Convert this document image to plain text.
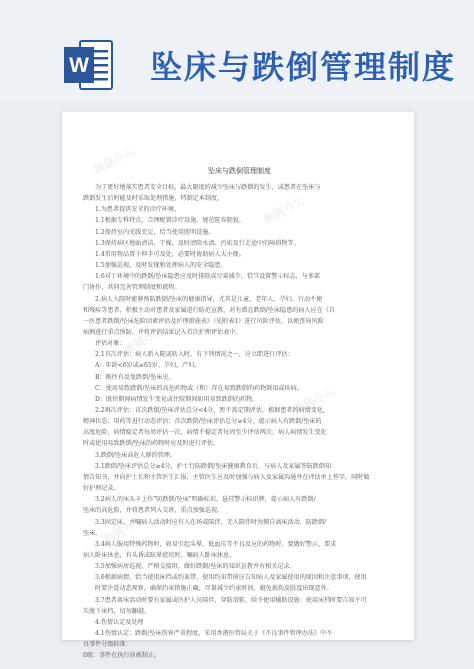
W 坠床与跌倒管理制度
坠床与跌倒管理制度
为了更好地落实患者安全目标，最大限度的减少坠床与跌倒的发生，或患者在坠床与
跌倒发生后时能及时采取处理措施，特制定本制度。
1.为患者提供安全的诊疗环境。
1.1根据专科特点，合理配置诊疗设施，规范院容院貌。
1.2保持室内光线充足，恰当使用照明设施。
1.3保持病区地面清洁、干燥，及时清除水渍、污垢及行走途中的障碍物等。
1.4常用物品置于伸手可及处，必要时协助病人大小便。
1.5加强巡视，及时发现和处理病人的安全隐患。
1.6对于环境中的跌倒/坠床隐患应及时排除或尽量减少，恰当设置警示标志，与多部
门协作，共同完善管理制度和流程。
2.病人入院时能够预防跌倒/坠床的健康指导，尤其是儿童、老年人、孕妇、行动不便
和残疾等患者，积极主动对患者及家属进行防范宣教，对有潜在跌倒/坠床隐患的病人应在《自
一医患者跌倒/坠床危险因素评估及护理措施表》（见附表1）进行风险评估，以便查询风险
病例进行重点预防，并将评估结果记入首次护理评估表中。
评估对象：
2.1首次评估：病人新入院或转入时，有下列情况之一，应立即进行评估：
A：年龄<6岁或≥65岁、孕妇、产妇。
B：既往有反复跌倒/坠床史。
C：使用易致跌倒/坠床的高危药物或（和）存在易致跌倒的药物联用或疾病。
D：既往期间病情发生变化或住院期间如用易致跌倒的药物。
2.2再次评估：首次跌倒/坠床评估总分<4分，暂不需定期评估，根据患者的病情变化、
精神状态、用药等进行动态评估；首次跌倒/坠床评估总分≥4分，提示病人有跌倒/坠床的
高度危险，病情稳定者每周评估一次，病情不稳定者每周至少评估两次；病人病情发生变化
时或使用易致跌倒/坠床的药物时应及时进行评估。
3.跌倒/坠床高危人群的管理。
3.1跌倒/坠床评估总分≥4分，护士行防跌倒/坠床健康教育后，与病人及家属签防跌倒知
情告知书，并向护士长和主管医生汇报，主管医生应及时加强与病人及家属沟通并在评估单上签字，同时做
好护理记录。
3.2病人的床头卡上作"防跌倒/坠床"明确标识，悬挂警示标识牌，提示病人有跌倒/
坠床的高危险，并将患者列入交班，重点加强巡视。
3.3固定床、并嘱病人活动时应有人在场或陪伴，无人陪伴时勿擅自离床活动，防跌倒/
坠床。
3.4病人服用特殊药物时，如易引起头晕、低血压等不良反应的药物时，要做好警示，要求
病人卧床休息，有头昏或眩晕症状时，嘱病人卧床休息。
3.5加强病房巡视，严格交接班，做好跌倒/坠床的知识宣教并有相关记录。
3.6根据病情，恰当使用床挡或约束带，使用约束带前应告知病人及家属使用的原因和注意事项，使用
时要注意动态观察，确保约束措施正确，尽量减少约束时间，避免损伤皮肤及出现意外。
3.7患者离床活动时要有家属或医护人员陪伴，穿防滑鞋，给予使用辅助设施：使用床档时要告知不可
失脱下床档，切勿翻越。
4.伤情认定及处理
4.1伤情认定：跌倒/坠床伤害严重程度，采用香港医管局关于《不良事件管理办法》中不
良事件分级标准：
0级：事件在执行前被制止。
熊猫办公
熊猫办公
熊猫办公
熊猫办公
熊猫办公
熊猫办公
